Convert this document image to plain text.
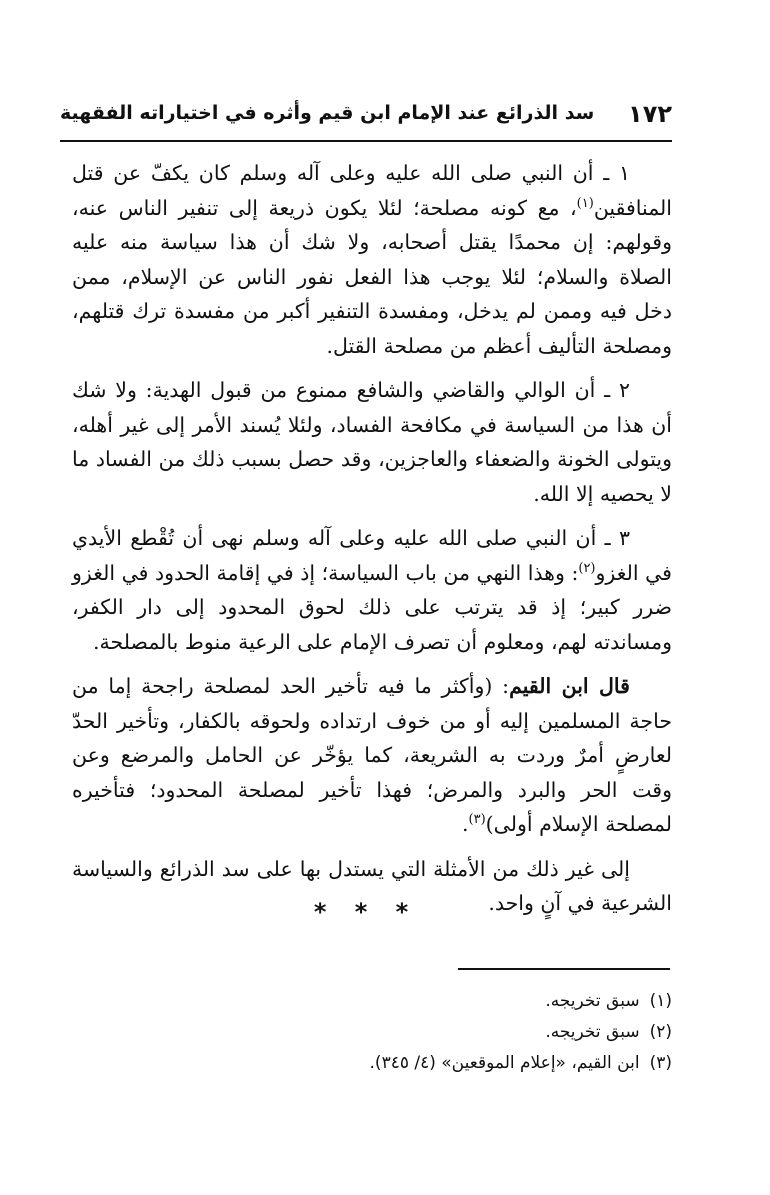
١٧٢
سد الذرائع عند الإمام ابن قيم وأثره في اختياراته الفقهية

١ ـ أن النبي صلى الله عليه وعلى آله وسلم كان يكفّ عن قتل المنافقين$^{(١)}$، مع كونه مصلحة؛ لئلا يكون ذريعة إلى تنفير الناس عنه، وقولهم: إن محمدًا يقتل أصحابه، ولا شك أن هذا سياسة منه عليه الصلاة والسلام؛ لئلا يوجب هذا الفعل نفور الناس عن الإسلام، ممن دخل فيه وممن لم يدخل، ومفسدة التنفير أكبر من مفسدة ترك قتلهم، ومصلحة التأليف أعظم من مصلحة القتل.

٢ ـ أن الوالي والقاضي والشافع ممنوع من قبول الهدية: ولا شك أن هذا من السياسة في مكافحة الفساد، ولئلا يُسند الأمر إلى غير أهله، ويتولى الخونة والضعفاء والعاجزين، وقد حصل بسبب ذلك من الفساد ما لا يحصيه إلا الله.

٣ ـ أن النبي صلى الله عليه وعلى آله وسلم نهى أن تُقْطع الأيدي في الغزو$^{(٢)}$: وهذا النهي من باب السياسة؛ إذ في إقامة الحدود في الغزو ضرر كبير؛ إذ قد يترتب على ذلك لحوق المحدود إلى دار الكفر، ومساندته لهم، ومعلوم أن تصرف الإمام على الرعية منوط بالمصلحة.

قال ابن القيم: (وأكثر ما فيه تأخير الحد لمصلحة راجحة إما من حاجة المسلمين إليه أو من خوف ارتداده ولحوقه بالكفار، وتأخير الحدّ لعارضٍ أمرٌ وردت به الشريعة، كما يؤخّر عن الحامل والمرضع وعن وقت الحر والبرد والمرض؛ فهذا تأخير لمصلحة المحدود؛ فتأخيره لمصلحة الإسلام أولى)$^{(٣)}$.

إلى غير ذلك من الأمثلة التي يستدل بها على سد الذرائع والسياسة الشرعية في آنٍ واحد.

* * *
(١)سبق تخريجه.
(٢)سبق تخريجه.
(٣)ابن القيم، «إعلام الموقعين» (٤/ ٣٤٥).
